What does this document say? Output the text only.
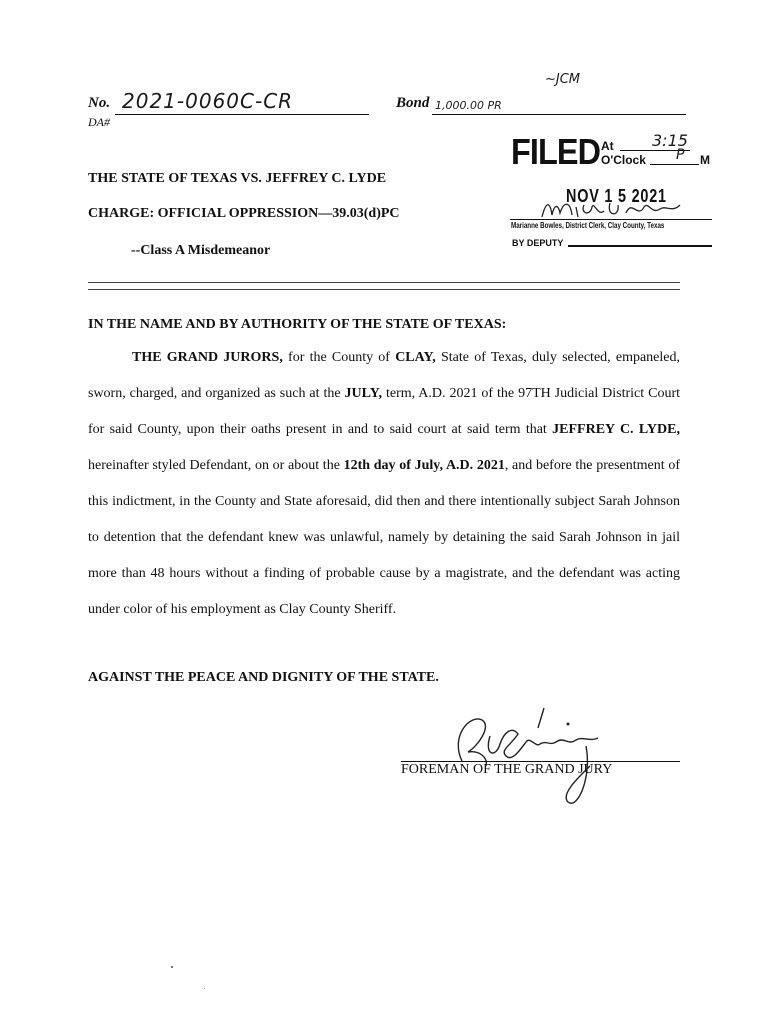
~JCM
No. 2021-0060C-CR
DA#
Bond 1,000.00 PR
FILED At 3:15
O'Clock P M
NOV 1 5 2021
Marianne Bowles, District Clerk, Clay County, Texas
BY DEPUTY
THE STATE OF TEXAS VS. JEFFREY C. LYDE
CHARGE: OFFICIAL OPPRESSION—39.03(d)PC
--Class A Misdemeanor
IN THE NAME AND BY AUTHORITY OF THE STATE OF TEXAS:

THE GRAND JURORS, for the County of CLAY, State of Texas, duly selected, empaneled, sworn, charged, and organized as such at the JULY, term, A.D. 2021 of the 97TH Judicial District Court for said County, upon their oaths present in and to said court at said term that JEFFREY C. LYDE, hereinafter styled Defendant, on or about the 12th day of July, A.D. 2021, and before the presentment of this indictment, in the County and State aforesaid, did then and there intentionally subject Sarah Johnson to detention that the defendant knew was unlawful, namely by detaining the said Sarah Johnson in jail more than 48 hours without a finding of probable cause by a magistrate, and the defendant was acting under color of his employment as Clay County Sheriff.

AGAINST THE PEACE AND DIGNITY OF THE STATE.
FOREMAN OF THE GRAND JURY
